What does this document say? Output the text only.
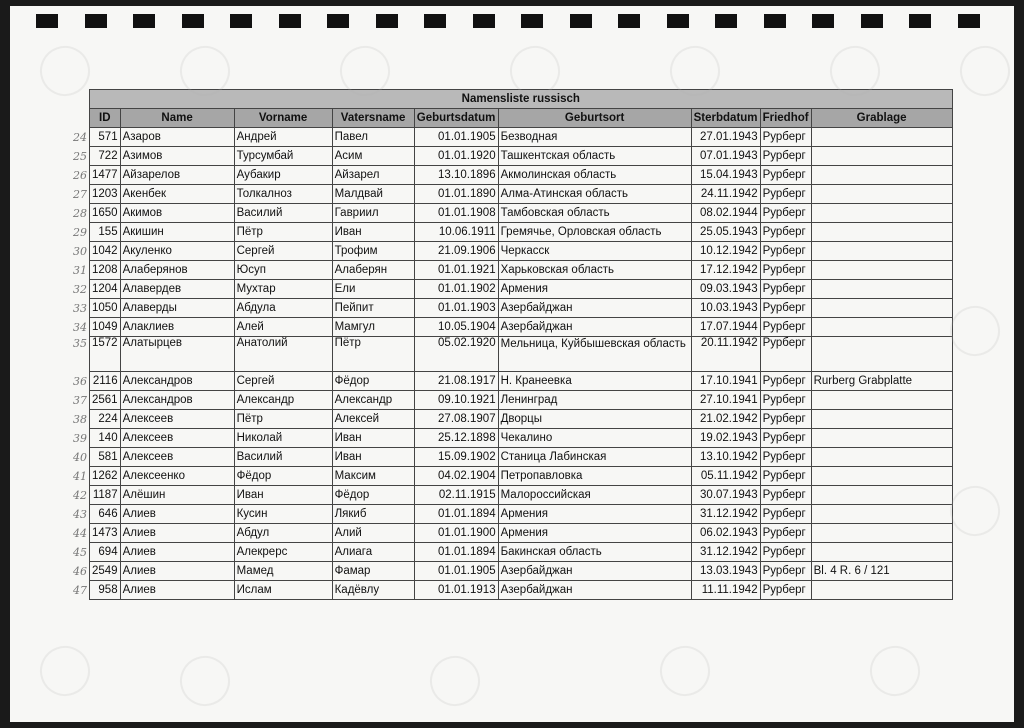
	Namensliste russisch								
	ID	Name	Vorname	Vatersname	Geburtsdatum	Geburtsort	Sterbdatum	Friedhof	Grablage
24	571	Азаров	Андрей	Павел	01.01.1905	Безводная	27.01.1943	Рурберг	
25	722	Азимов	Турсумбай	Асим	01.01.1920	Ташкентская область	07.01.1943	Рурберг	
26	1477	Айзарелов	Аубакир	Айзарел	13.10.1896	Акмолинская область	15.04.1943	Рурберг	
27	1203	Акенбек	Толкалноз	Малдвай	01.01.1890	Алма-Атинская область	24.11.1942	Рурберг	
28	1650	Акимов	Василий	Гавриил	01.01.1908	Тамбовская область	08.02.1944	Рурберг	
29	155	Акишин	Пётр	Иван	10.06.1911	Гремячье, Орловская область	25.05.1943	Рурберг	
30	1042	Акуленко	Сергей	Трофим	21.09.1906	Черкасск	10.12.1942	Рурберг	
31	1208	Алаберянов	Юсуп	Алаберян	01.01.1921	Харьковская область	17.12.1942	Рурберг	
32	1204	Алавердев	Мухтар	Ели	01.01.1902	Армения	09.03.1943	Рурберг	
33	1050	Алаверды	Абдула	Пейпит	01.01.1903	Азербайджан	10.03.1943	Рурберг	
34	1049	Алаклиев	Алей	Мамгул	10.05.1904	Азербайджан	17.07.1944	Рурберг	
35	1572	Алатырцев	Анатолий	Пётр	05.02.1920	Мельница, Куйбышевская область	20.11.1942	Рурберг	
36	2116	Александров	Сергей	Фёдор	21.08.1917	Н. Кранеевка	17.10.1941	Рурберг	Rurberg Grabplatte
37	2561	Александров	Александр	Александр	09.10.1921	Ленинград	27.10.1941	Рурберг	
38	224	Алексеев	Пётр	Алексей	27.08.1907	Дворцы	21.02.1942	Рурберг	
39	140	Алексеев	Николай	Иван	25.12.1898	Чекалино	19.02.1943	Рурберг	
40	581	Алексеев	Василий	Иван	15.09.1902	Станица Лабинская	13.10.1942	Рурберг	
41	1262	Алексеенко	Фёдор	Максим	04.02.1904	Петропавловка	05.11.1942	Рурберг	
42	1187	Алёшин	Иван	Фёдор	02.11.1915	Малороссийская	30.07.1943	Рурберг	
43	646	Алиев	Кусин	Лякиб	01.01.1894	Армения	31.12.1942	Рурберг	
44	1473	Алиев	Абдул	Алий	01.01.1900	Армения	06.02.1943	Рурберг	
45	694	Алиев	Алекрерс	Алиага	01.01.1894	Бакинская область	31.12.1942	Рурберг	
46	2549	Алиев	Мамед	Фамар	01.01.1905	Азербайджан	13.03.1943	Рурберг	Bl. 4 R. 6 / 121
47	958	Алиев	Ислам	Кадёвлу	01.01.1913	Азербайджан	11.11.1942	Рурберг	
